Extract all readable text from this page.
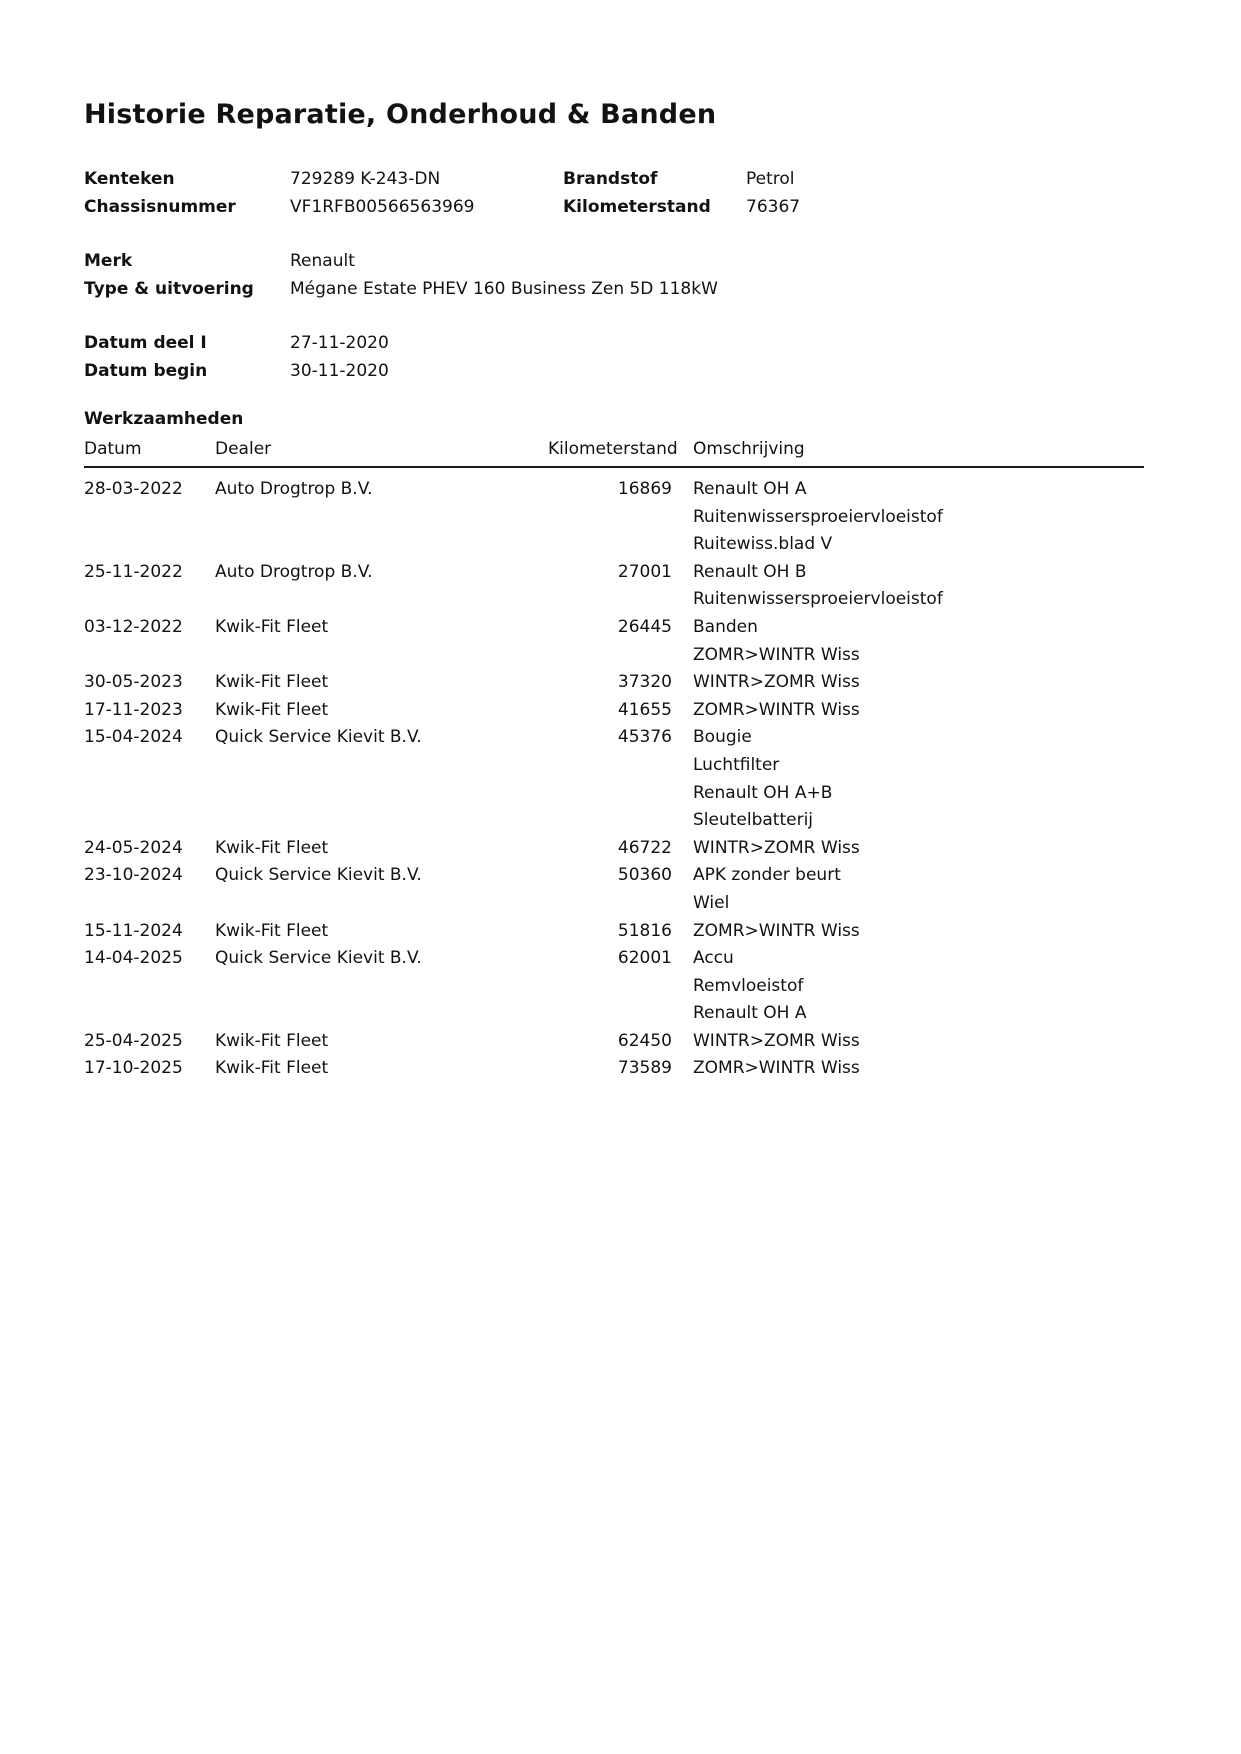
Historie Reparatie, Onderhoud & Banden
Kenteken	729289 K-243-DN	Brandstof	Petrol
Chassisnummer	VF1RFB00566563969	Kilometerstand	76367
Merk	Renault
Type & uitvoering	Mégane Estate PHEV 160 Business Zen 5D 118kW
Datum deel I	27-11-2020
Datum begin	30-11-2020
Werkzaamheden
Datum	Dealer	Kilometerstand Omschrijving
28-03-2022	Auto Drogtrop B.V.	16869 Renault OH A
Ruitenwissersproeiervloeistof
Ruitewiss.blad V
25-11-2022	Auto Drogtrop B.V.	27001 Renault OH B
Ruitenwissersproeiervloeistof
03-12-2022	Kwik-Fit Fleet	26445 Banden
ZOMR>WINTR Wiss
30-05-2023	Kwik-Fit Fleet	37320 WINTR>ZOMR Wiss
17-11-2023	Kwik-Fit Fleet	41655 ZOMR>WINTR Wiss
15-04-2024	Quick Service Kievit B.V.	45376 Bougie
Luchtfilter
Renault OH A+B
Sleutelbatterij
24-05-2024	Kwik-Fit Fleet	46722 WINTR>ZOMR Wiss
23-10-2024	Quick Service Kievit B.V.	50360 APK zonder beurt
Wiel
15-11-2024	Kwik-Fit Fleet	51816 ZOMR>WINTR Wiss
14-04-2025	Quick Service Kievit B.V.	62001 Accu
Remvloeistof
Renault OH A
25-04-2025	Kwik-Fit Fleet	62450 WINTR>ZOMR Wiss
17-10-2025	Kwik-Fit Fleet	73589 ZOMR>WINTR Wiss
